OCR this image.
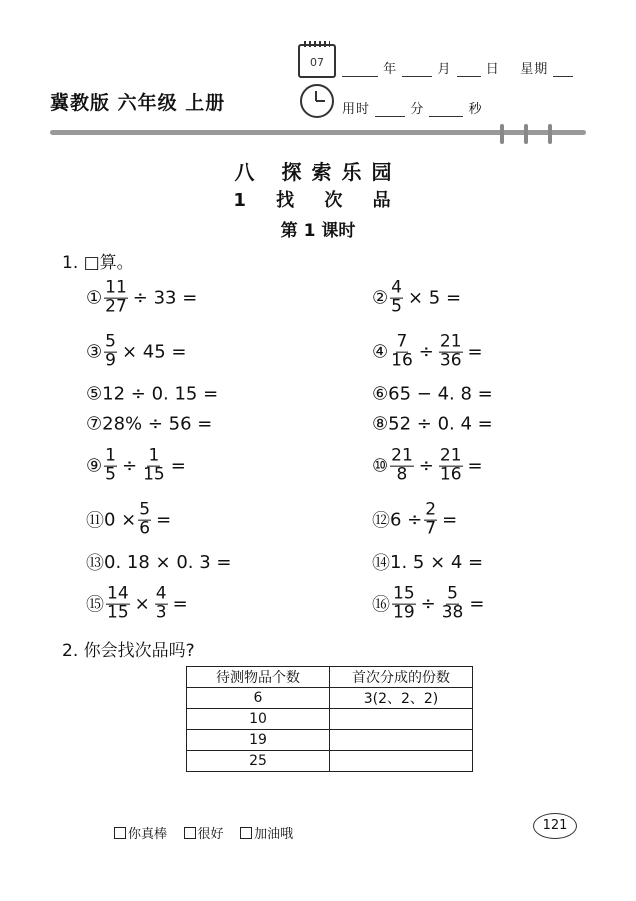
07	年	月	日 星期
冀教版 六年级 上册	用时	分	秒
八 探索乐园
1 找 次 品
第 1 课时
1. □算。
① $\frac{11}{27} \div 33$ =	② $\frac{4}{5} \times 5$ =
③ $\frac{5}{9} \times 45$ =	④ $\frac{7}{16} \div \frac{21}{36}$ =
⑤ 12 ÷ 0. 15 =	⑥ 65 − 4. 8 =
⑦ 28% ÷ 56 =	⑧ 52 ÷ 0. 4 =
⑨ $\frac{1}{5} \div \frac{1}{15}$ =	⑩ $\frac{21}{8} \div \frac{21}{16}$ =
⑪ $0 \times \frac{5}{6}$ =	⑫ $6 \div \frac{2}{7}$ =
⑬ 0. 18 × 0. 3 =	⑭ 1. 5 × 4 =
⑮ $\frac{14}{15} \times \frac{4}{3}$ =	⑯ $\frac{15}{19} \div \frac{5}{38}$ =
2. 你会找次品吗?
待测物品个数	首次分成的份数
6	3(2、2、2)
10	
19	
25	
你真棒 很好 加油哦
121
